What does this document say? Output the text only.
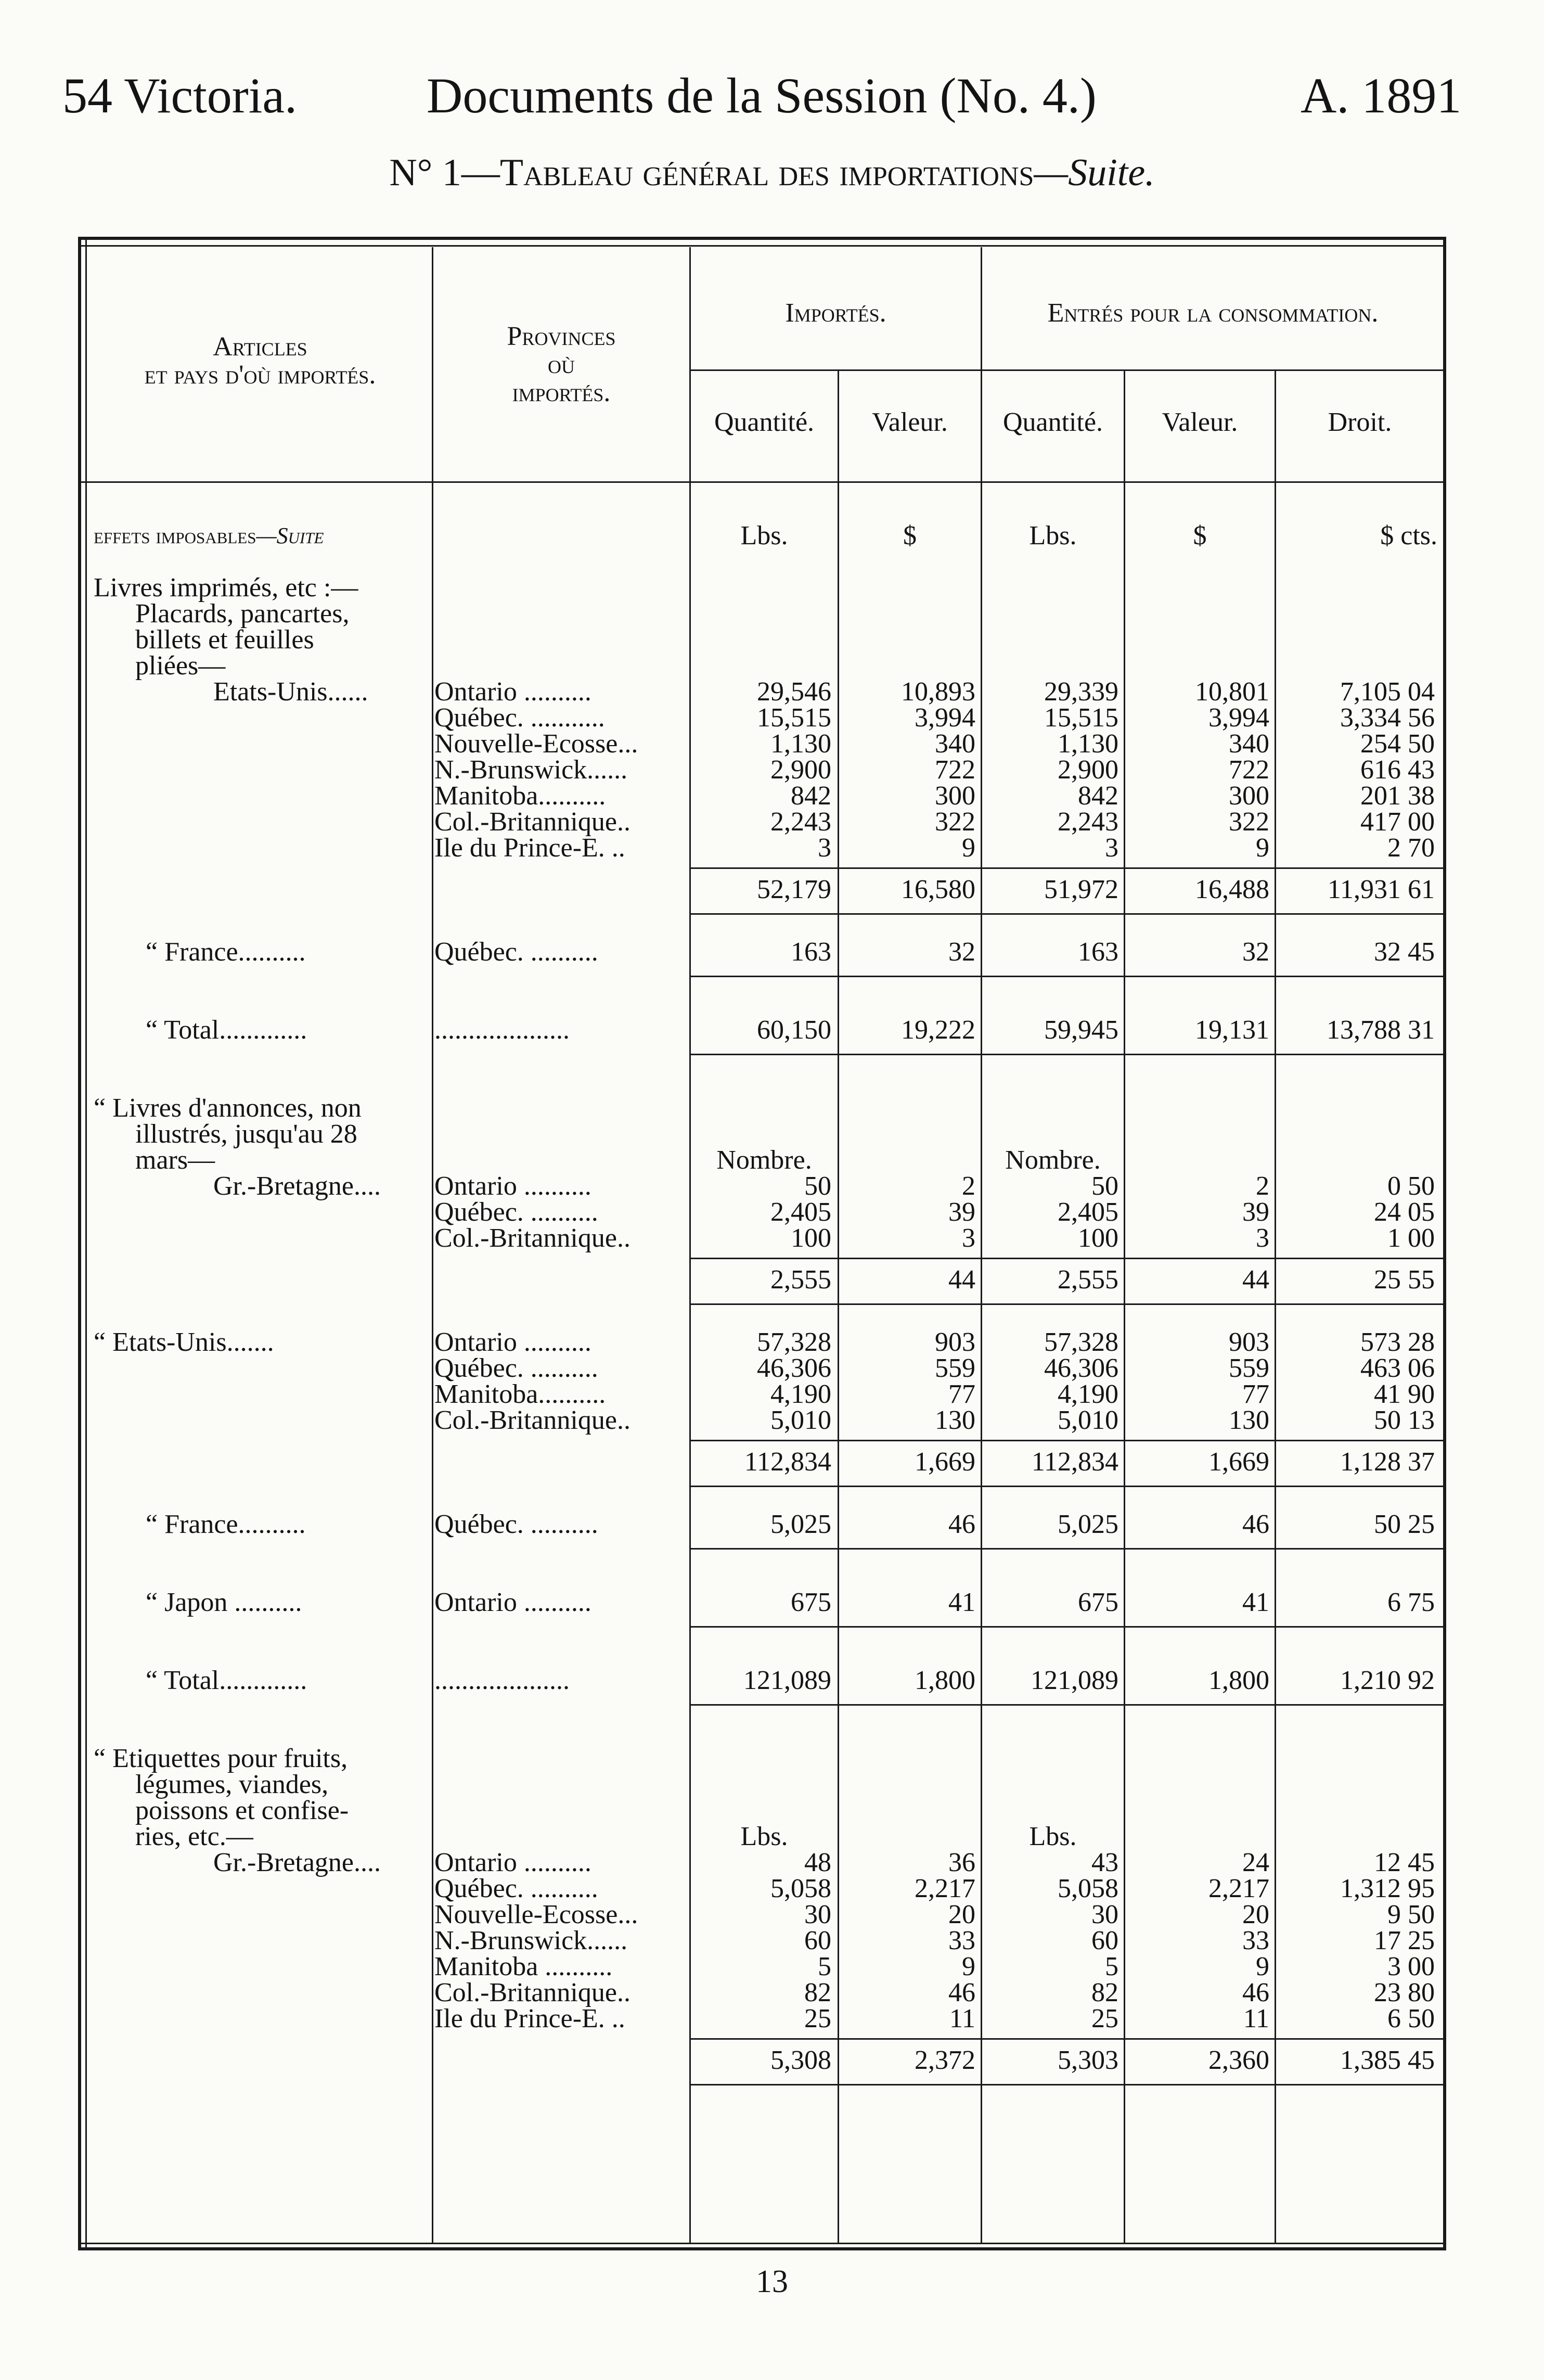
54 Victoria.	Documents de la Session (No. 4.)	A. 1891
N° 1—Tableau général des importations—Suite.
Articles
et pays d'où importés.
Provinces
où
importés.
Importés.	Entrés pour la consommation.
Quantité.	Valeur.	Quantité.	Valeur.	Droit.
effets imposables—Suite	Lbs.	$	Lbs.	$	$ cts.
Livres imprimés, etc :—
Placards, pancartes,
billets et feuilles
pliées—
Etats-Unis...... Ontario ..........	29,546	10,893	29,339	10,801	7,105 04
Québec. ...........	15,515	3,994	15,515	3,994	3,334 56
Nouvelle-Ecosse...	1,130	340	1,130	340	254 50
N.-Brunswick......	2,900	722	2,900	722	616 43
Manitoba..........	842	300	842	300	201 38
Col.-Britannique..	2,243	322	2,243	322	417 00
Ile du Prince-E. ..	3	9	3	9	2 70
52,179	16,580	51,972	16,488	11,931 61
“ France..........	Québec. ..........	163	32	163	32	32 45
“ Total.............	....................	60,150	19,222	59,945	19,131	13,788 31
Nombre.	Nombre.
“ Livres d'annonces, non
illustrés, jusqu'au 28
mars—
Gr.-Bretagne.... Ontario ..........	50	2	50	2	0 50
Québec. ..........	2,405	39	2,405	39	24 05
Col.-Britannique..	100	3	100	3	1 00
2,555	44	2,555	44	25 55
“ Etats-Unis.......	Ontario ..........	57,328	903	57,328	903	573 28
Québec. ..........	46,306	559	46,306	559	463 06
Manitoba..........	4,190	77	4,190	77	41 90
Col.-Britannique..	5,010	130	5,010	130	50 13
112,834	1,669	112,834	1,669	1,128 37
“ France..........	Québec. ..........	5,025	46	5,025	46	50 25
“ Japon ..........	Ontario ..........	675	41	675	41	6 75
“ Total.............	....................	121,089	1,800	121,089	1,800	1,210 92
Lbs.	Lbs.
“ Etiquettes pour fruits,
légumes, viandes,
poissons et confise-
ries, etc.—
Gr.-Bretagne.... Ontario ..........	48	36	43	24	12 45
Québec. ..........	5,058	2,217	5,058	2,217	1,312 95
Nouvelle-Ecosse...	30	20	30	20	9 50
N.-Brunswick......	60	33	60	33	17 25
Manitoba ..........	5	9	5	9	3 00
Col.-Britannique..	82	46	82	46	23 80
Ile du Prince-E. ..	25	11	25	11	6 50
5,308	2,372	5,303	2,360	1,385 45
13
